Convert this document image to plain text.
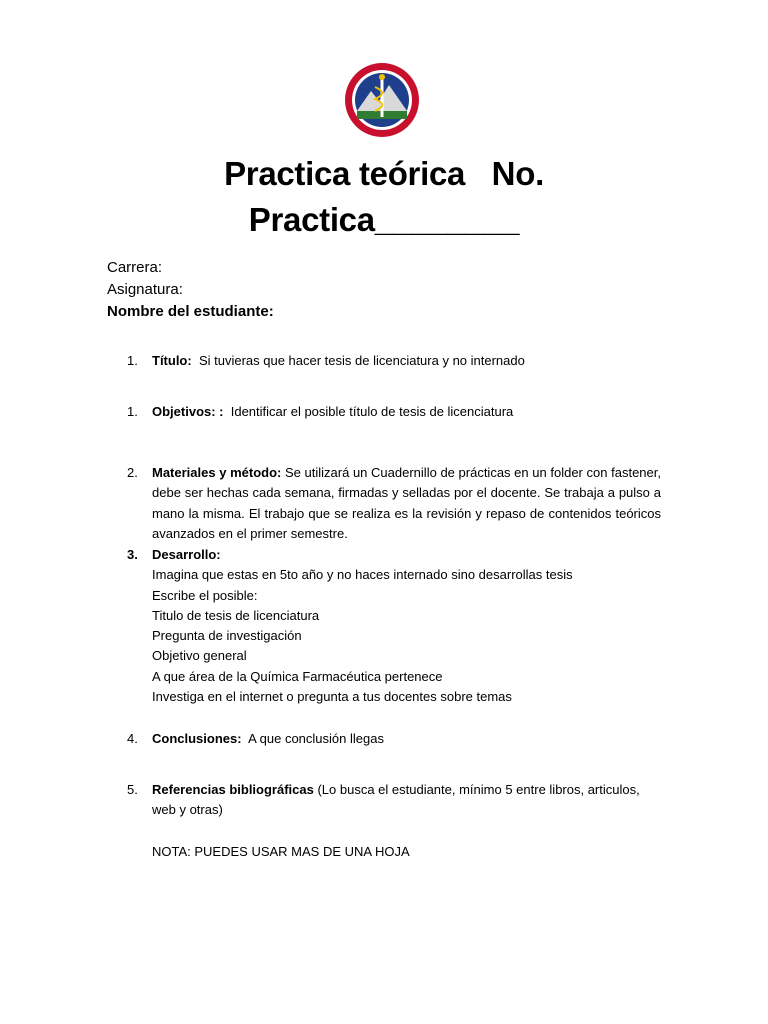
Practica teórica   No.
Practica________
Carrera:
Asignatura:
Nombre del estudiante:
1. Título:  Si tuvieras que hacer tesis de licenciatura y no internado
1. Objetivos: :  Identificar el posible título de tesis de licenciatura
2. Materiales y método: Se utilizará un Cuadernillo de prácticas en un folder con fastener, debe ser hechas cada semana, firmadas y selladas por el docente. Se trabaja a pulso a mano la misma. El trabajo que se realiza es la revisión y repaso de contenidos teóricos avanzados en el primer semestre.
3. Desarrollo:
Imagina que estas en 5to año y no haces internado sino desarrollas tesis
Escribe el posible:
Titulo de tesis de licenciatura
Pregunta de investigación
Objetivo general
A que área de la Química Farmacéutica pertenece
Investiga en el internet o pregunta a tus docentes sobre temas
4. Conclusiones:  A que conclusión llegas
5. Referencias bibliográficas (Lo busca el estudiante, mínimo 5 entre libros, articulos, web y otras)
NOTA: PUEDES USAR MAS DE UNA HOJA
